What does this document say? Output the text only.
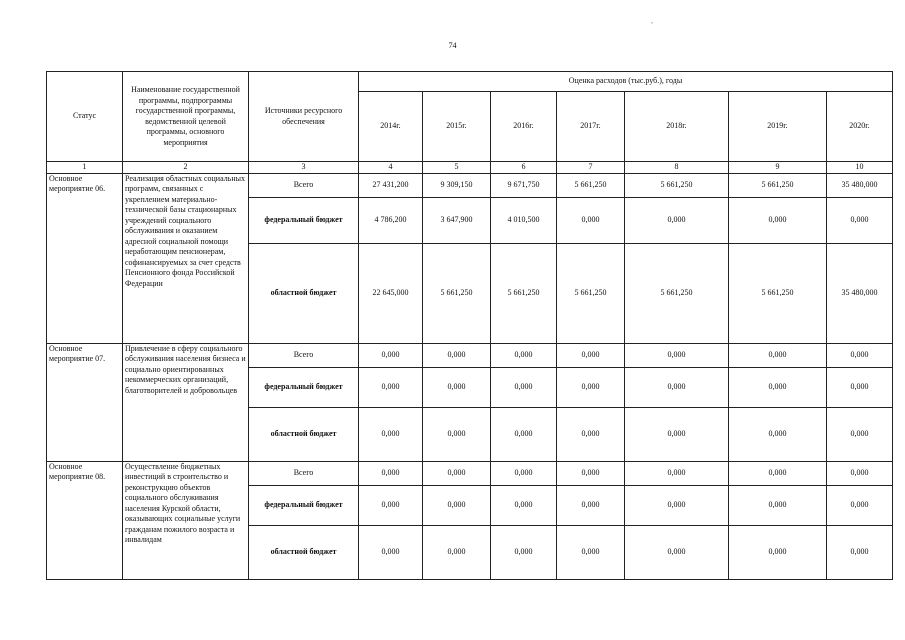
,
74
Статус	Наименование государственной программы, подпрограммы государственной программы, ведомственной целевой программы, основного мероприятия	Источники ресурсного обеспечения	Оценка расходов (тыс.руб.), годы						
			2014г.	2015г.	2016г.	2017г.	2018г.	2019г.	2020г.
1	2	3	4	5	6	7	8	9	10
Основное мероприятие 06.	Реализация областных социальных программ, связанных с укреплением материально-технической базы стационарных учреждений социального обслуживания и оказанием адресной социальной помощи неработающим пенсионерам, софинансируемых за счет средств Пенсионного фонда Российской Федерации	Всего	27 431,200	9 309,150	9 671,750	5 661,250	5 661,250	5 661,250	35 480,000
		федеральный бюджет	4 786,200	3 647,900	4 010,500	0,000	0,000	0,000	0,000
		областной бюджет	22 645,000	5 661,250	5 661,250	5 661,250	5 661,250	5 661,250	35 480,000
Основное мероприятие 07.	Привлечение в сферу социального обслуживания населения бизнеса и социально ориентированных некоммерческих организаций, благотворителей и добровольцев	Всего	0,000	0,000	0,000	0,000	0,000	0,000	0,000
		федеральный бюджет	0,000	0,000	0,000	0,000	0,000	0,000	0,000
		областной бюджет	0,000	0,000	0,000	0,000	0,000	0,000	0,000
Основное мероприятие 08.	Осуществление бюджетных инвестиций в строительство и реконструкцию объектов социального обслуживания населения Курской области, оказывающих социальные услуги гражданам пожилого возраста и инвалидам	Всего	0,000	0,000	0,000	0,000	0,000	0,000	0,000
		федеральный бюджет	0,000	0,000	0,000	0,000	0,000	0,000	0,000
		областной бюджет	0,000	0,000	0,000	0,000	0,000	0,000	0,000
